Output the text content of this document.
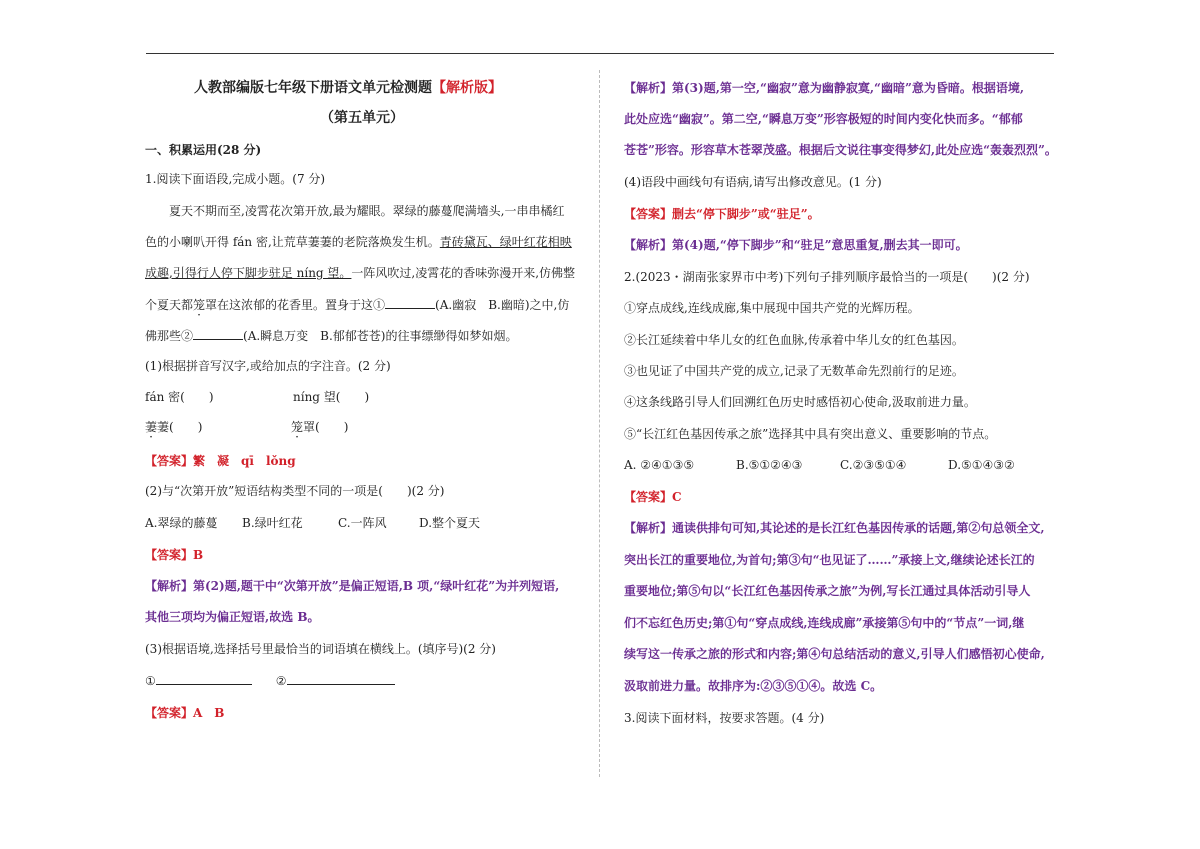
人教部编版七年级下册语文单元检测题【解析版】
（第五单元）
一、积累运用(28 分)
1.阅读下面语段,完成小题。(7 分)
夏天不期而至,凌霄花次第开放,最为耀眼。翠绿的藤蔓爬满墙头,一串串橘红
色的小喇叭开得 fán 密,让荒草萋萋的老院落焕发生机。青砖黛瓦、绿叶红花相映
成趣,引得行人停下脚步驻足 níng 望。一阵风吹过,凌霄花的香味弥漫开来,仿佛整
个夏天都笼罩在这浓郁的花香里。置身于这①	(A.幽寂　B.幽暗)之中,仿
佛那些②	(A.瞬息万变　B.郁郁苍苍)的往事缥缈得如梦如烟。
(1)根据拼音写汉字,或给加点的字注音。(2 分)
fán 密(　　)	níng 望(　　)
萋萋(　　)	笼罩(　　)
【答案】繁　凝　qī　lǒng
(2)与“次第开放”短语结构类型不同的一项是(　　)(2 分)
A.翠绿的藤蔓 B.绿叶红花	C.一阵风	D.整个夏天
【答案】B
【解析】第(2)题,题干中“次第开放”是偏正短语,B 项,“绿叶红花”为并列短语,
其他三项均为偏正短语,故选 B。
(3)根据语境,选择括号里最恰当的词语填在横线上。(填序号)(2 分)
①	②
【答案】A　B
【解析】第(3)题,第一空,“幽寂”意为幽静寂寞,“幽暗”意为昏暗。根据语境,
此处应选“幽寂”。第二空,“瞬息万变”形容极短的时间内变化快而多。“郁郁
苍苍”形容。形容草木苍翠茂盛。根据后文说往事变得梦幻,此处应选“轰轰烈烈”。
(4)语段中画线句有语病,请写出修改意见。(1 分)
【答案】删去“停下脚步”或“驻足”。
【解析】第(4)题,“停下脚步”和“驻足”意思重复,删去其一即可。
2.(2023・湖南张家界市中考)下列句子排列顺序最恰当的一项是(　　)(2 分)
①穿点成线,连线成廊,集中展现中国共产党的光辉历程。
②长江延续着中华儿女的红色血脉,传承着中华儿女的红色基因。
③也见证了中国共产党的成立,记录了无数革命先烈前行的足迹。
④这条线路引导人们回溯红色历史时感悟初心使命,汲取前进力量。
⑤“长江红色基因传承之旅”选择其中具有突出意义、重要影响的节点。
A. ②④①③⑤	B.⑤①②④③	C.②③⑤①④	D.⑤①④③②
【答案】C
【解析】通读供排句可知,其论述的是长江红色基因传承的话题,第②句总领全文,
突出长江的重要地位,为首句;第③句“也见证了……”承接上文,继续论述长江的
重要地位;第⑤句以“长江红色基因传承之旅”为例,写长江通过具体活动引导人
们不忘红色历史;第①句“穿点成线,连线成廊”承接第⑤句中的“节点”一词,继
续写这一传承之旅的形式和内容;第④句总结活动的意义,引导人们感悟初心使命,
汲取前进力量。故排序为:②③⑤①④。故选 C。
3.阅读下面材料，按要求答题。(4 分)
